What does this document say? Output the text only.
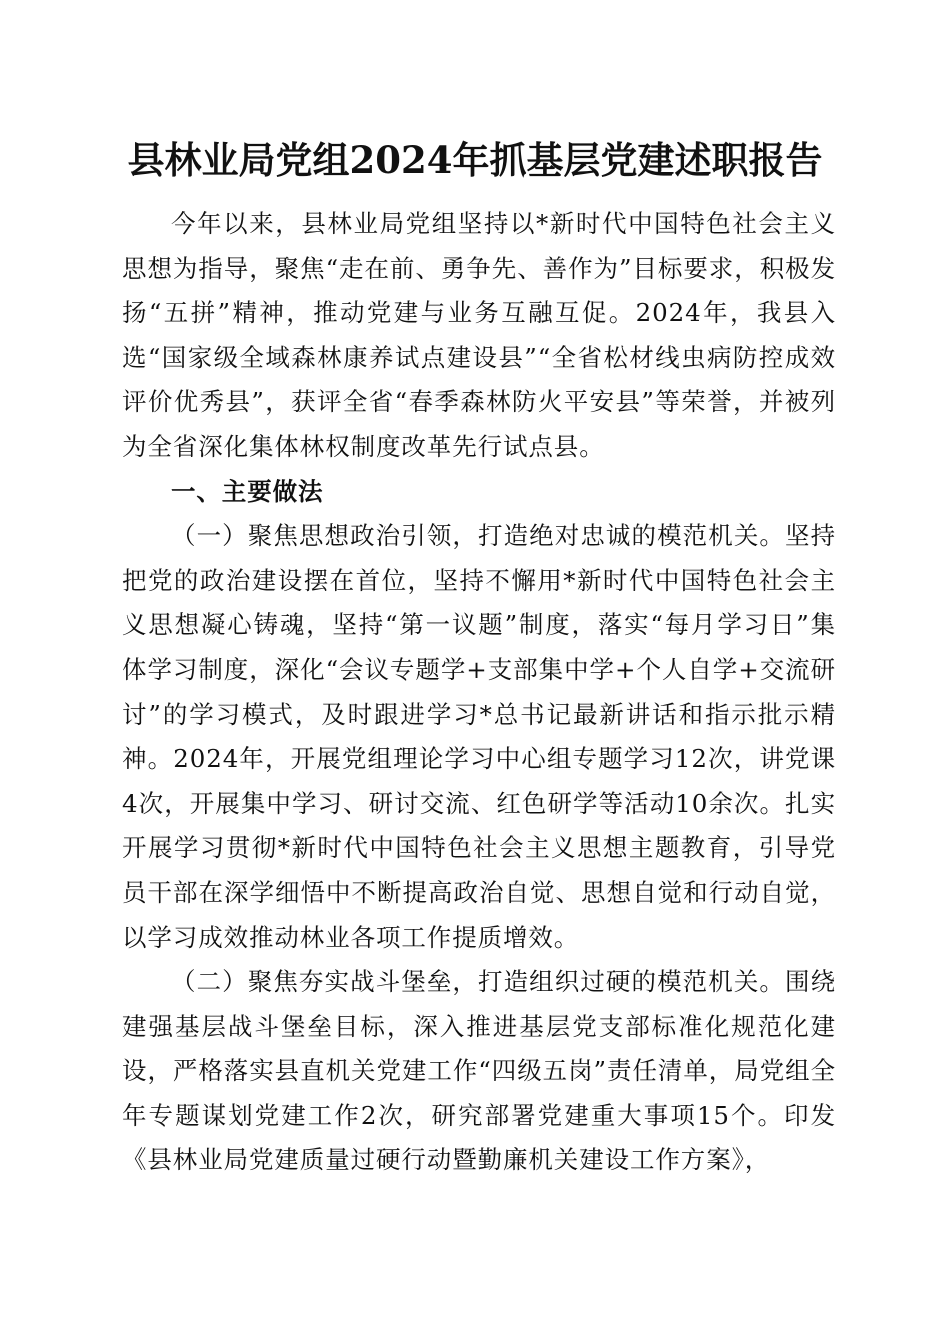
县林业局党组2024年抓基层党建述职报告

今年以来，县林业局党组坚持以*新时代中国特色社会主义思想为指导，聚焦“走在前、勇争先、善作为”目标要求，积极发扬“五拼”精神，推动党建与业务互融互促。2024年，我县入选“国家级全域森林康养试点建设县”“全省松材线虫病防控成效评价优秀县”，获评全省“春季森林防火平安县”等荣誉，并被列为全省深化集体林权制度改革先行试点县。

一、主要做法

（一）聚焦思想政治引领，打造绝对忠诚的模范机关。坚持把党的政治建设摆在首位，坚持不懈用*新时代中国特色社会主义思想凝心铸魂，坚持“第一议题”制度，落实“每月学习日”集体学习制度，深化“会议专题学+支部集中学+个人自学+交流研讨”的学习模式，及时跟进学习*总书记最新讲话和指示批示精神。2024年，开展党组理论学习中心组专题学习12次，讲党课4次，开展集中学习、研讨交流、红色研学等活动10余次。扎实开展学习贯彻*新时代中国特色社会主义思想主题教育，引导党员干部在深学细悟中不断提高政治自觉、思想自觉和行动自觉，以学习成效推动林业各项工作提质增效。

（二）聚焦夯实战斗堡垒，打造组织过硬的模范机关。围绕建强基层战斗堡垒目标，深入推进基层党支部标准化规范化建设，严格落实县直机关党建工作“四级五岗”责任清单，局党组全年专题谋划党建工作2次，研究部署党建重大事项15个。印发《县林业局党建质量过硬行动暨勤廉机关建设工作方案》，
